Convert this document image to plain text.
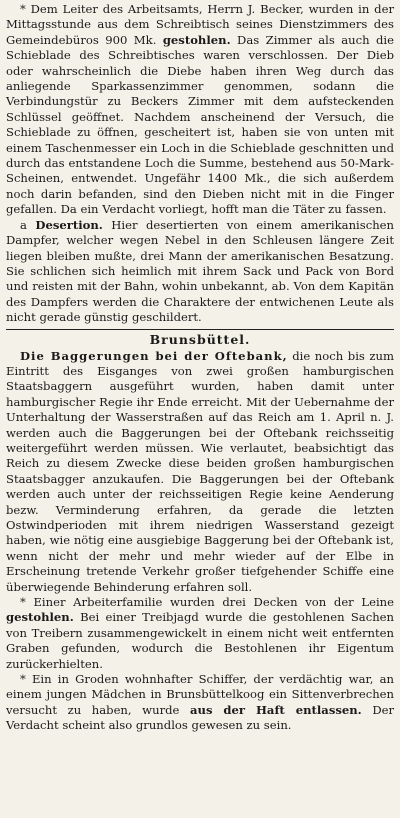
* Dem Leiter des Arbeitsamts, Herrn J. Becker, wurden in der Mittagsstunde aus dem Schreibtisch seines Dienstzimmers des Gemeindebüros 900 Mk. gestohlen. Das Zimmer als auch die Schieblade des Schreibtisches waren verschlossen. Der Dieb oder wahrscheinlich die Diebe haben ihren Weg durch das anliegende Sparkassenzimmer genommen, sodann die Verbindungstür zu Beckers Zimmer mit dem aufsteckenden Schlüssel geöffnet. Nachdem anscheinend der Versuch, die Schieblade zu öffnen, gescheitert ist, haben sie von unten mit einem Taschenmesser ein Loch in die Schieblade geschnitten und durch das entstandene Loch die Summe, bestehend aus 50-Mark-Scheinen, entwendet. Ungefähr 1400 Mk., die sich außerdem noch darin befanden, sind den Dieben nicht mit in die Finger gefallen. Da ein Verdacht vorliegt, hofft man die Täter zu fassen.

a Desertion. Hier desertierten von einem amerikanischen Dampfer, welcher wegen Nebel in den Schleusen längere Zeit liegen bleiben mußte, drei Mann der amerikanischen Besatzung. Sie schlichen sich heimlich mit ihrem Sack und Pack von Bord und reisten mit der Bahn, wohin unbekannt, ab. Von dem Kapitän des Dampfers werden die Charaktere der entwichenen Leute als nicht gerade günstig geschildert.

Brunsbüttel.

Die Baggerungen bei der Oftebank, die noch bis zum Eintritt des Eisganges von zwei großen hamburgischen Staatsbaggern ausgeführt wurden, haben damit unter hamburgischer Regie ihr Ende erreicht. Mit der Uebernahme der Unterhaltung der Wasserstraßen auf das Reich am 1. April n. J. werden auch die Baggerungen bei der Oftebank reichsseitig weitergeführt werden müssen. Wie verlautet, beabsichtigt das Reich zu diesem Zwecke diese beiden großen hamburgischen Staatsbagger anzukaufen. Die Baggerungen bei der Oftebank werden auch unter der reichsseitigen Regie keine Aenderung bezw. Verminderung erfahren, da gerade die letzten Ostwindperioden mit ihrem niedrigen Wasserstand gezeigt haben, wie nötig eine ausgiebige Baggerung bei der Oftebank ist, wenn nicht der mehr und mehr wieder auf der Elbe in Erscheinung tretende Verkehr großer tiefgehender Schiffe eine überwiegende Behinderung erfahren soll.

* Einer Arbeiterfamilie wurden drei Decken von der Leine gestohlen. Bei einer Treibjagd wurde die gestohlenen Sachen von Treibern zusammengewickelt in einem nicht weit entfernten Graben gefunden, wodurch die Bestohlenen ihr Eigentum zurückerhielten.

* Ein in Groden wohnhafter Schiffer, der verdächtig war, an einem jungen Mädchen in Brunsbüttelkoog ein Sittenverbrechen versucht zu haben, wurde aus der Haft entlassen. Der Verdacht scheint also grundlos gewesen zu sein.
